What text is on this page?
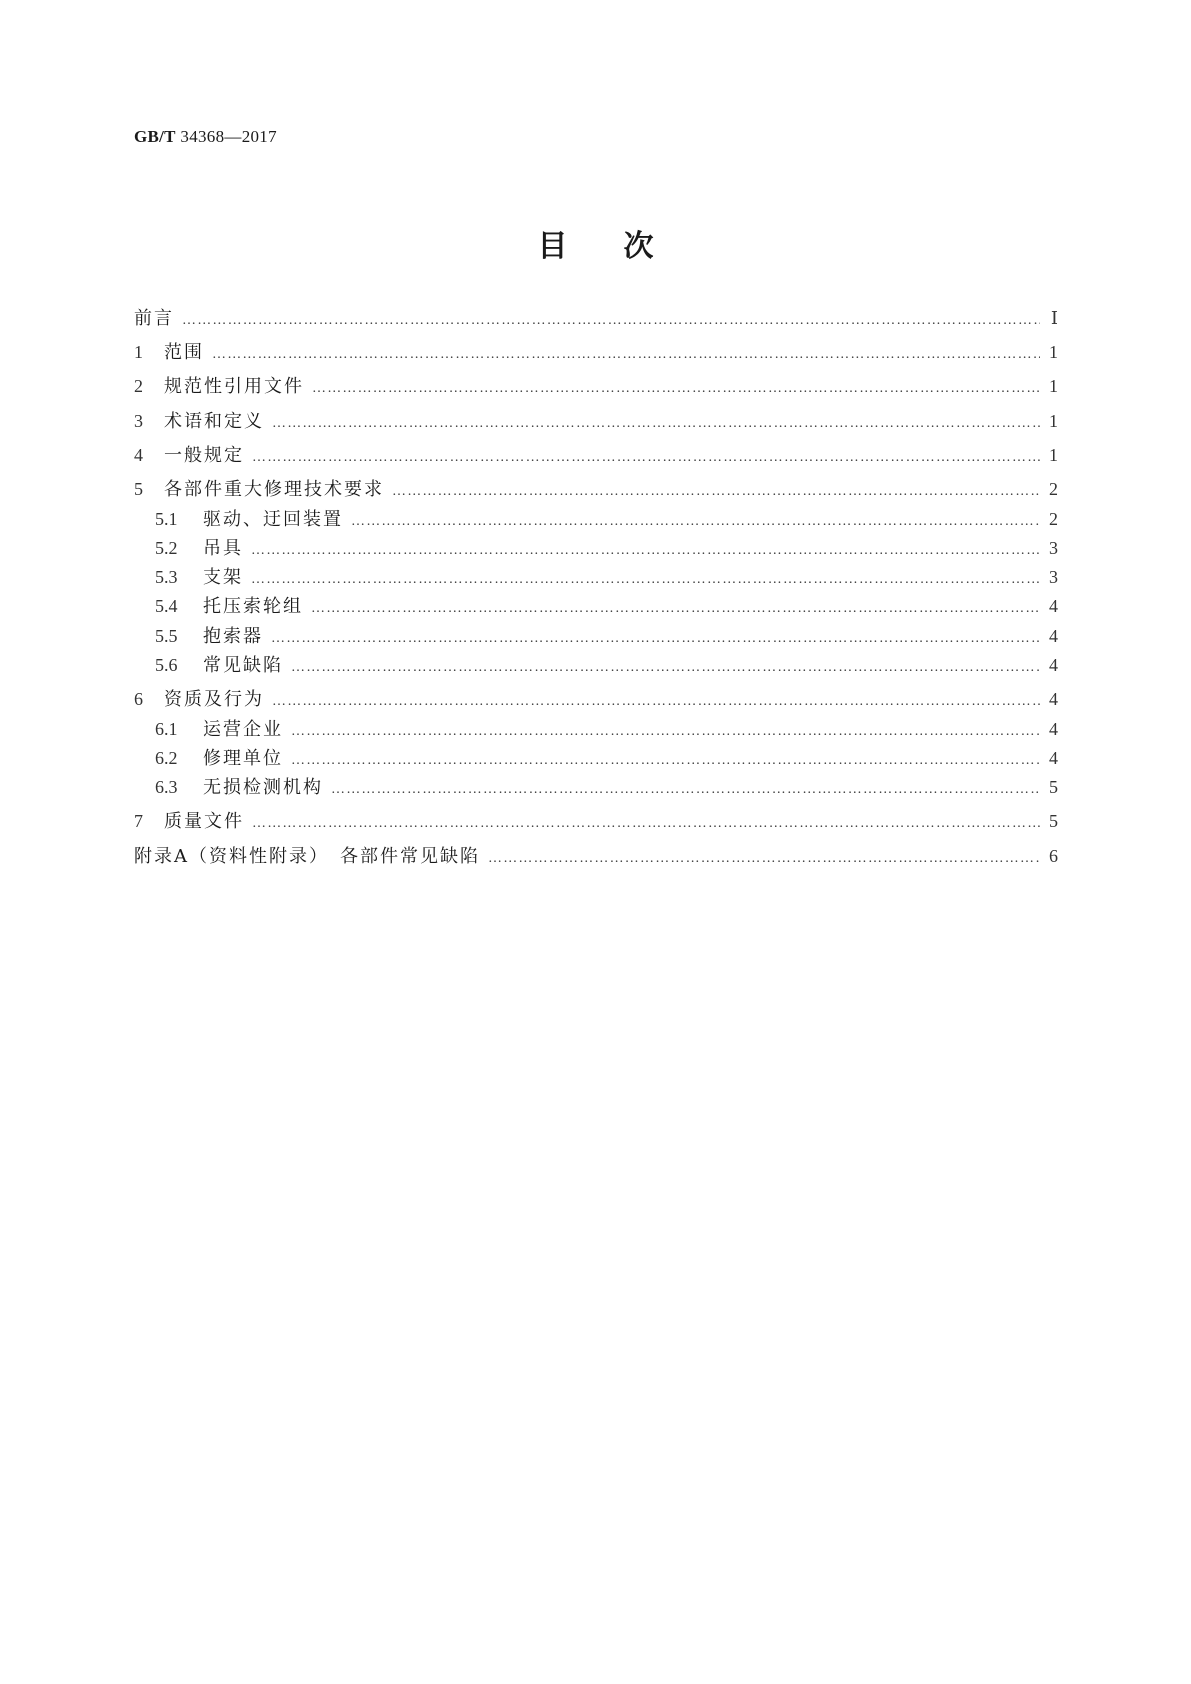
GB/T 34368—2017
目次
前言 …………………………………………………………………………………………………………………………………………………………………………………………………………………………	Ⅰ
1	范围 …………………………………………………………………………………………………………………………………………………………………………………………………………………………	1
2	规范性引用文件 …………………………………………………………………………………………………………………………………………………………………………………………………………………………	1
3	术语和定义 …………………………………………………………………………………………………………………………………………………………………………………………………………………………	1
4	一般规定 …………………………………………………………………………………………………………………………………………………………………………………………………………………………	1
5	各部件重大修理技术要求 …………………………………………………………………………………………………………………………………………………………………………………………………………………………	2
5.1	驱动、迂回装置 …………………………………………………………………………………………………………………………………………………………………………………………………………………………	2
5.2	吊具 …………………………………………………………………………………………………………………………………………………………………………………………………………………………	3
5.3	支架 …………………………………………………………………………………………………………………………………………………………………………………………………………………………	3
5.4	托压索轮组 …………………………………………………………………………………………………………………………………………………………………………………………………………………………	4
5.5	抱索器 …………………………………………………………………………………………………………………………………………………………………………………………………………………………	4
5.6	常见缺陷 …………………………………………………………………………………………………………………………………………………………………………………………………………………………	4
6	资质及行为 …………………………………………………………………………………………………………………………………………………………………………………………………………………………	4
6.1	运营企业 …………………………………………………………………………………………………………………………………………………………………………………………………………………………	4
6.2	修理单位 …………………………………………………………………………………………………………………………………………………………………………………………………………………………	4
6.3	无损检测机构 …………………………………………………………………………………………………………………………………………………………………………………………………………………………	5
7	质量文件 …………………………………………………………………………………………………………………………………………………………………………………………………………………………	5
附录A（资料性附录）　各部件常见缺陷 …………………………………………………………………………………………………………………………………………………………………………………………………………………………	6
